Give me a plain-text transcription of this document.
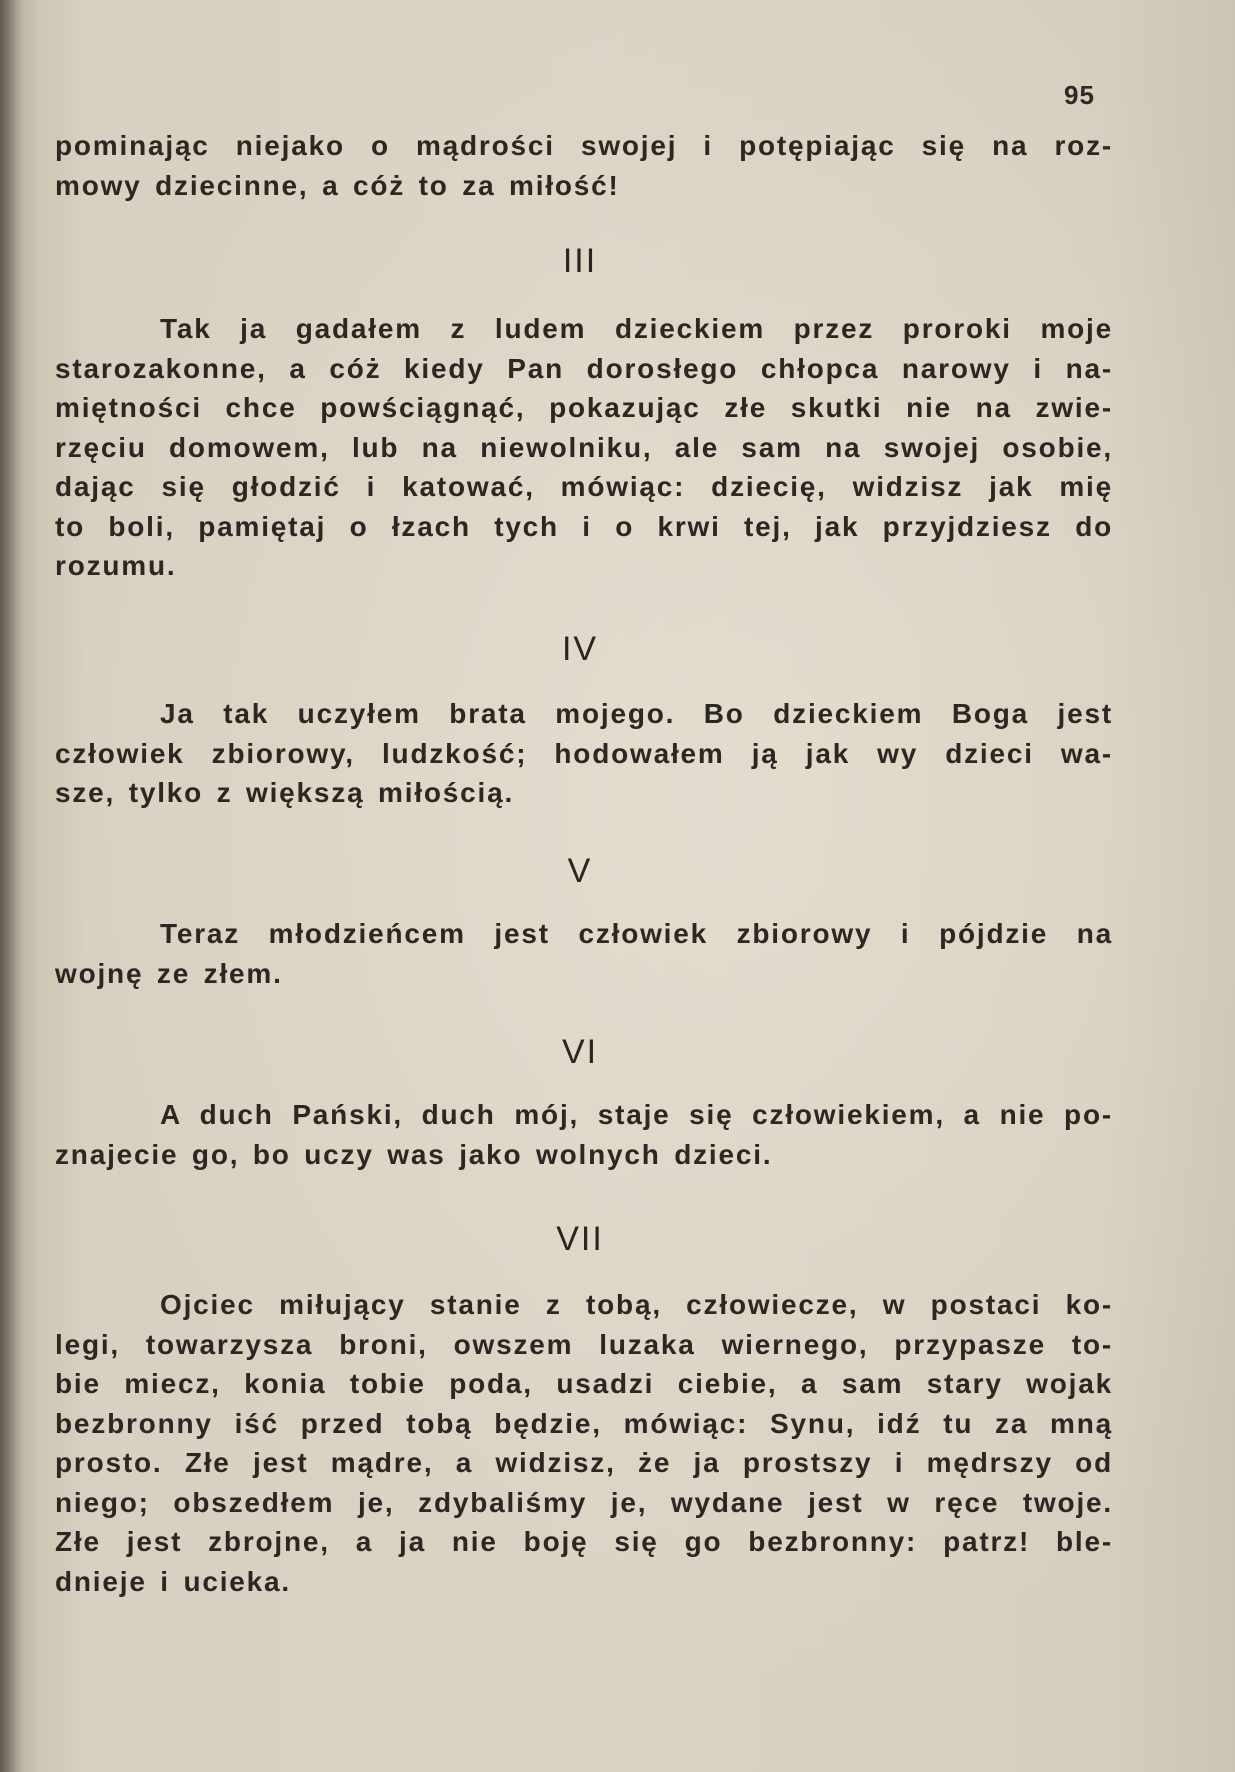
95
pominając niejako o mądrości swojej i potępiając się na roz-
mowy dziecinne, a cóż to za miłość!
III
Tak ja gadałem z ludem dzieckiem przez proroki moje
starozakonne, a cóż kiedy Pan dorosłego chłopca narowy i na-
miętności chce powściągnąć, pokazując złe skutki nie na zwie-
rzęciu domowem, lub na niewolniku, ale sam na swojej osobie,
dając się głodzić i katować, mówiąc: dziecię, widzisz jak mię
to boli, pamiętaj o łzach tych i o krwi tej, jak przyjdziesz do
rozumu.
IV
Ja tak uczyłem brata mojego. Bo dzieckiem Boga jest
człowiek zbiorowy, ludzkość; hodowałem ją jak wy dzieci wa-
sze, tylko z większą miłością.
V
Teraz młodzieńcem jest człowiek zbiorowy i pójdzie na
wojnę ze złem.
VI
A duch Pański, duch mój, staje się człowiekiem, a nie po-
znajecie go, bo uczy was jako wolnych dzieci.
VII
Ojciec miłujący stanie z tobą, człowiecze, w postaci ko-
legi, towarzysza broni, owszem luzaka wiernego, przypasze to-
bie miecz, konia tobie poda, usadzi ciebie, a sam stary wojak
bezbronny iść przed tobą będzie, mówiąc: Synu, idź tu za mną
prosto. Złe jest mądre, a widzisz, że ja prostszy i mędrszy od
niego; obszedłem je, zdybaliśmy je, wydane jest w ręce twoje.
Złe jest zbrojne, a ja nie boję się go bezbronny: patrz! ble-
dnieje i ucieka.
